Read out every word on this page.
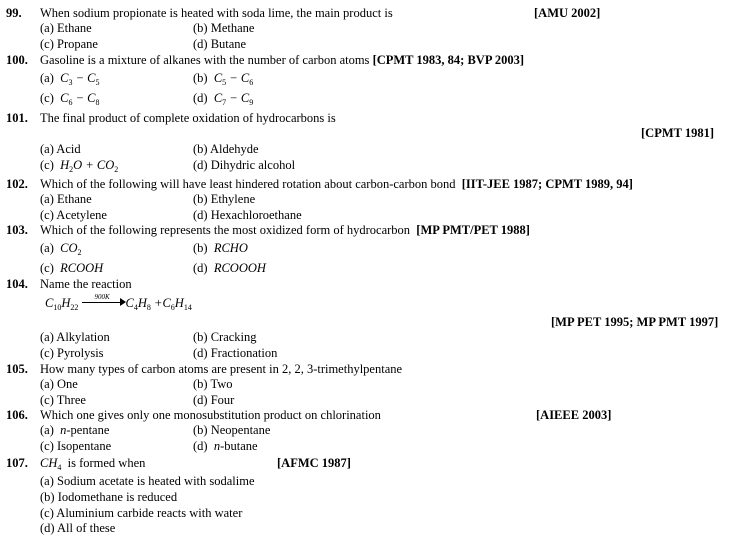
99. When sodium propionate is heated with soda lime, the main product is	[AMU 2002]
(a) Ethane	(b) Methane
(c) Propane	(d) Butane
100. Gasoline is a mixture of alkanes with the number of carbon atoms [CPMT 1983, 84; BVP 2003]
(a) $C_3 - C_5$	(b) $C_5 - C_6$
(c) $C_6 - C_8$	(d) $C_7 - C_9$
101. The final product of complete oxidation of hydrocarbons is
[CPMT 1981]
(a) Acid	(b) Aldehyde
(c) $H_2O + CO_2$	(d) Dihydric alcohol
102. Which of the following will have least hindered rotation about carbon-carbon bond [IIT-JEE 1987; CPMT 1989, 94]
(a) Ethane	(b) Ethylene
(c) Acetylene	(d) Hexachloroethane
103. Which of the following represents the most oxidized form of hydrocarbon [MP PMT/PET 1988]
(a) $CO_2$	(b) RCHO
(c) RCOOH	(d) RCOOOH
104. Name the reaction
$C_{10}H_{22}$
900K $C_4H_8 +C_6H_{14}$
[MP PET 1995; MP PMT 1997]
(a) Alkylation	(b) Cracking
(c) Pyrolysis	(d) Fractionation
105. How many types of carbon atoms are present in 2, 2, 3-trimethylpentane
(a) One	(b) Two
(c) Three	(d) Four
106. Which one gives only one monosubstitution product on chlorination	[AIEEE 2003]
(a) n-pentane	(b) Neopentane
(c) Isopentane	(d) n-butane
107. $CH_4$ is formed when	[AFMC 1987]
(a) Sodium acetate is heated with sodalime
(b) Iodomethane is reduced
(c) Aluminium carbide reacts with water
(d) All of these
